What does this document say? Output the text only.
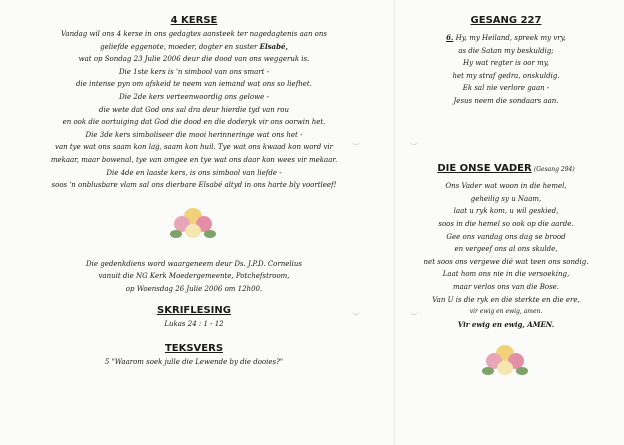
4 KERSE

Vandag wil ons 4 kerse in ons gedagtes aansteek ter nagedagtenis aan ons
geliefde eggenote, moeder, dogter en suster Elsabé,
wat op Sondag 23 Julie 2006 deur die dood van ons weggeruk is.
Die 1ste kers is 'n simbool van ons smart -
die intense pyn om afskeid te neem van iemand wat ons so liefhet.
Die 2de kers verteenwoordig ons gelowe -
die wete dat God ons sal dra deur hierdie tyd van rou
en ook die oortuiging dat God die dood en die doderyk vir ons oorwin het.
Die 3de kers simboliseer die mooi herinneringe wat ons het -
van tye wat ons saam kon lag, saam kon huil. Tye wat ons kwaad kon word vir
mekaar, maar bowenal, tye van omgee en tye wat ons daar kon wees vir mekaar.
Die 4de en laaste kers, is ons simbool van liefde -
soos 'n onblusbare vlam sal ons dierbare Elsabé altyd in ons harte bly voortleef!
Die gedenkdiens word waargeneem deur Ds. J.P.D. Cornelius
vanuit die NG Kerk Moedergemeente, Potchefstroom,
op Woensdag 26 Julie 2006 om 12h00.

SKRIFLESING

Lukas 24 : 1 - 12

TEKSVERS

5 "Waarom soek julle die Lewende by die dooies?"

GESANG 227

6. Hy, my Heiland, spreek my vry,
as die Satan my beskuldig;
Hy wat regter is oor my,
het my straf gedra, onskuldig.
Ek sal nie verlore gaan -
Jesus neem die sondaars aan.
DIE ONSE VADER (Gesang 294)
Ons Vader wat woon in die hemel,
geheilig sy u Naam,
laat u ryk kom, u wil geskied,
soos in die hemel so ook op die aarde.
Gee ons vandag ons dag se brood
en vergeef ons al ons skulde,
net soos ons vergewe dié wat teen ons sondig.
Laat hom ons nie in die versoeking,
maar verlos ons van die Bose.
Van U is die ryk en die sterkte en die ere,
vir ewig en ewig, amen.
Vir ewig en ewig, AMEN.
